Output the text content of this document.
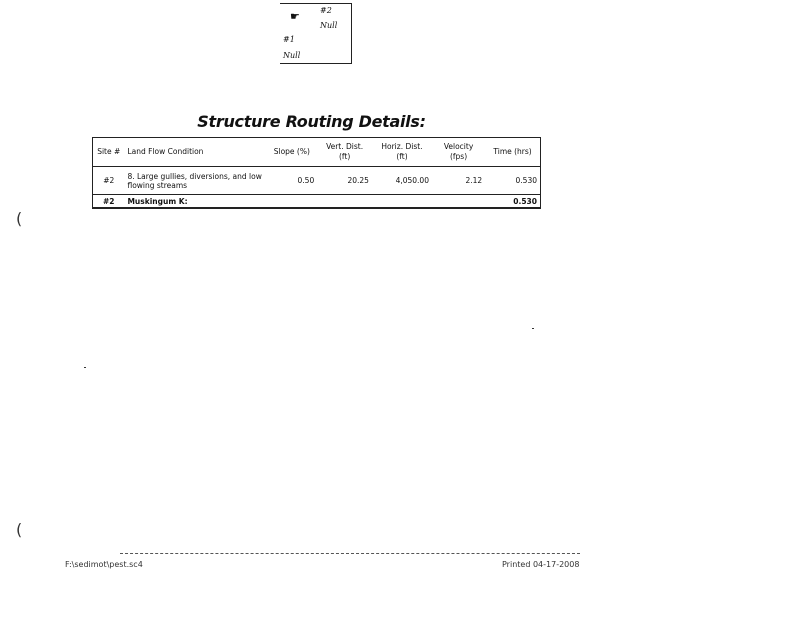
☛	#2
Null
#1
Null
Structure Routing Details:
Site #	Land Flow Condition	Slope (%)	Vert. Dist. (ft)	Horiz. Dist. (ft)	Velocity (fps)	Time (hrs)
#2	8. Large gullies, diversions, and low flowing streams	0.50	20.25	4,050.00	2.12	0.530
#2	Muskingum K:					0.530
(
(
F:\sedimot\pest.sc4	Printed 04-17-2008
